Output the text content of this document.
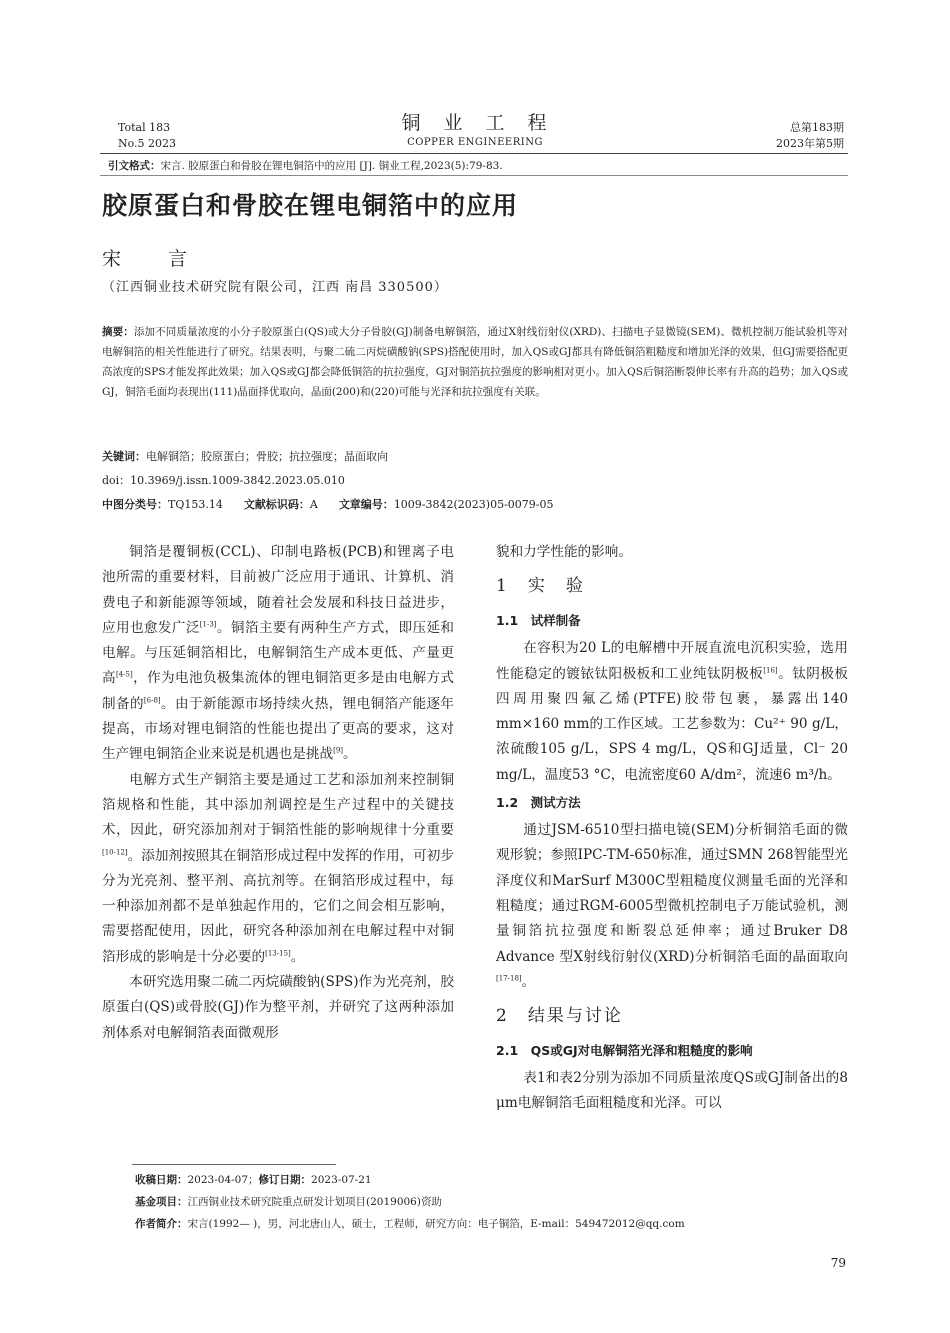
Total 183
No.5 2023
铜　业　工　程
COPPER ENGINEERING
总第183期
2023年第5期
引文格式：宋言. 胶原蛋白和骨胶在锂电铜箔中的应用 [J]. 铜业工程,2023(5):79-83.
胶原蛋白和骨胶在锂电铜箔中的应用
宋　言
（江西铜业技术研究院有限公司，江西 南昌 330500）
摘要：添加不同质量浓度的小分子胶原蛋白(QS)或大分子骨胶(GJ)制备电解铜箔，通过X射线衍射仪(XRD)、扫描电子显微镜(SEM)、微机控制万能试验机等对电解铜箔的相关性能进行了研究。结果表明，与聚二硫二丙烷磺酸钠(SPS)搭配使用时，加入QS或GJ都具有降低铜箔粗糙度和增加光泽的效果，但GJ需要搭配更高浓度的SPS才能发挥此效果；加入QS或GJ都会降低铜箔的抗拉强度，GJ对铜箔抗拉强度的影响相对更小。加入QS后铜箔断裂伸长率有升高的趋势；加入QS或GJ，铜箔毛面均表现出(111)晶面择优取向，晶面(200)和(220)可能与光泽和抗拉强度有关联。
关键词：电解铜箔；胶原蛋白；骨胶；抗拉强度；晶面取向
doi：10.3969/j.issn.1009-3842.2023.05.010
中图分类号：TQ153.14 文献标识码：A 文章编号：1009-3842(2023)05-0079-05

铜箔是覆铜板(CCL)、印制电路板(PCB)和锂离子电池所需的重要材料，目前被广泛应用于通讯、计算机、消费电子和新能源等领域，随着社会发展和科技日益进步，应用也愈发广泛[1-3]。铜箔主要有两种生产方式，即压延和电解。与压延铜箔相比，电解铜箔生产成本更低、产量更高[4-5]，作为电池负极集流体的锂电铜箔更多是由电解方式制备的[6-8]。由于新能源市场持续火热，锂电铜箔产能逐年提高，市场对锂电铜箔的性能也提出了更高的要求，这对生产锂电铜箔企业来说是机遇也是挑战[9]。

电解方式生产铜箔主要是通过工艺和添加剂来控制铜箔规格和性能，其中添加剂调控是生产过程中的关键技术，因此，研究添加剂对于铜箔性能的影响规律十分重要[10-12]。添加剂按照其在铜箔形成过程中发挥的作用，可初步分为光亮剂、整平剂、高抗剂等。在铜箔形成过程中，每一种添加剂都不是单独起作用的，它们之间会相互影响，需要搭配使用，因此，研究各种添加剂在电解过程中对铜箔形成的影响是十分必要的[13-15]。

本研究选用聚二硫二丙烷磺酸钠(SPS)作为光亮剂，胶原蛋白(QS)或骨胶(GJ)作为整平剂，并研究了这两种添加剂体系对电解铜箔表面微观形

貌和力学性能的影响。

1　实　验
1.1　试样制备

在容积为20 L的电解槽中开展直流电沉积实验，选用性能稳定的镀铱钛阳极板和工业纯钛阴极板[16]。钛阴极板四周用聚四氟乙烯(PTFE)胶带包裹，暴露出140 mm×160 mm的工作区域。工艺参数为：Cu²⁺ 90 g/L，浓硫酸105 g/L，SPS 4 mg/L，QS和GJ适量，Cl⁻ 20 mg/L，温度53 °C，电流密度60 A/dm²，流速6 m³/h。

1.2　测试方法

通过JSM-6510型扫描电镜(SEM)分析铜箔毛面的微观形貌；参照IPC-TM-650标准，通过SMN 268智能型光泽度仪和MarSurf M300C型粗糙度仪测量毛面的光泽和粗糙度；通过RGM-6005型微机控制电子万能试验机，测量铜箔抗拉强度和断裂总延伸率；通过Bruker D8 Advance 型X射线衍射仪(XRD)分析铜箔毛面的晶面取向[17-18]。

2　结果与讨论
2.1　QS或GJ对电解铜箔光泽和粗糙度的影响

表1和表2分别为添加不同质量浓度QS或GJ制备出的8 μm电解铜箔毛面粗糙度和光泽。可以

收稿日期：2023-04-07；修订日期：2023-07-21
基金项目：江西铜业技术研究院重点研发计划项目(2019006)资助
作者简介：宋言(1992— )，男，河北唐山人，硕士，工程师，研究方向：电子铜箔，E-mail：549472012@qq.com
79
